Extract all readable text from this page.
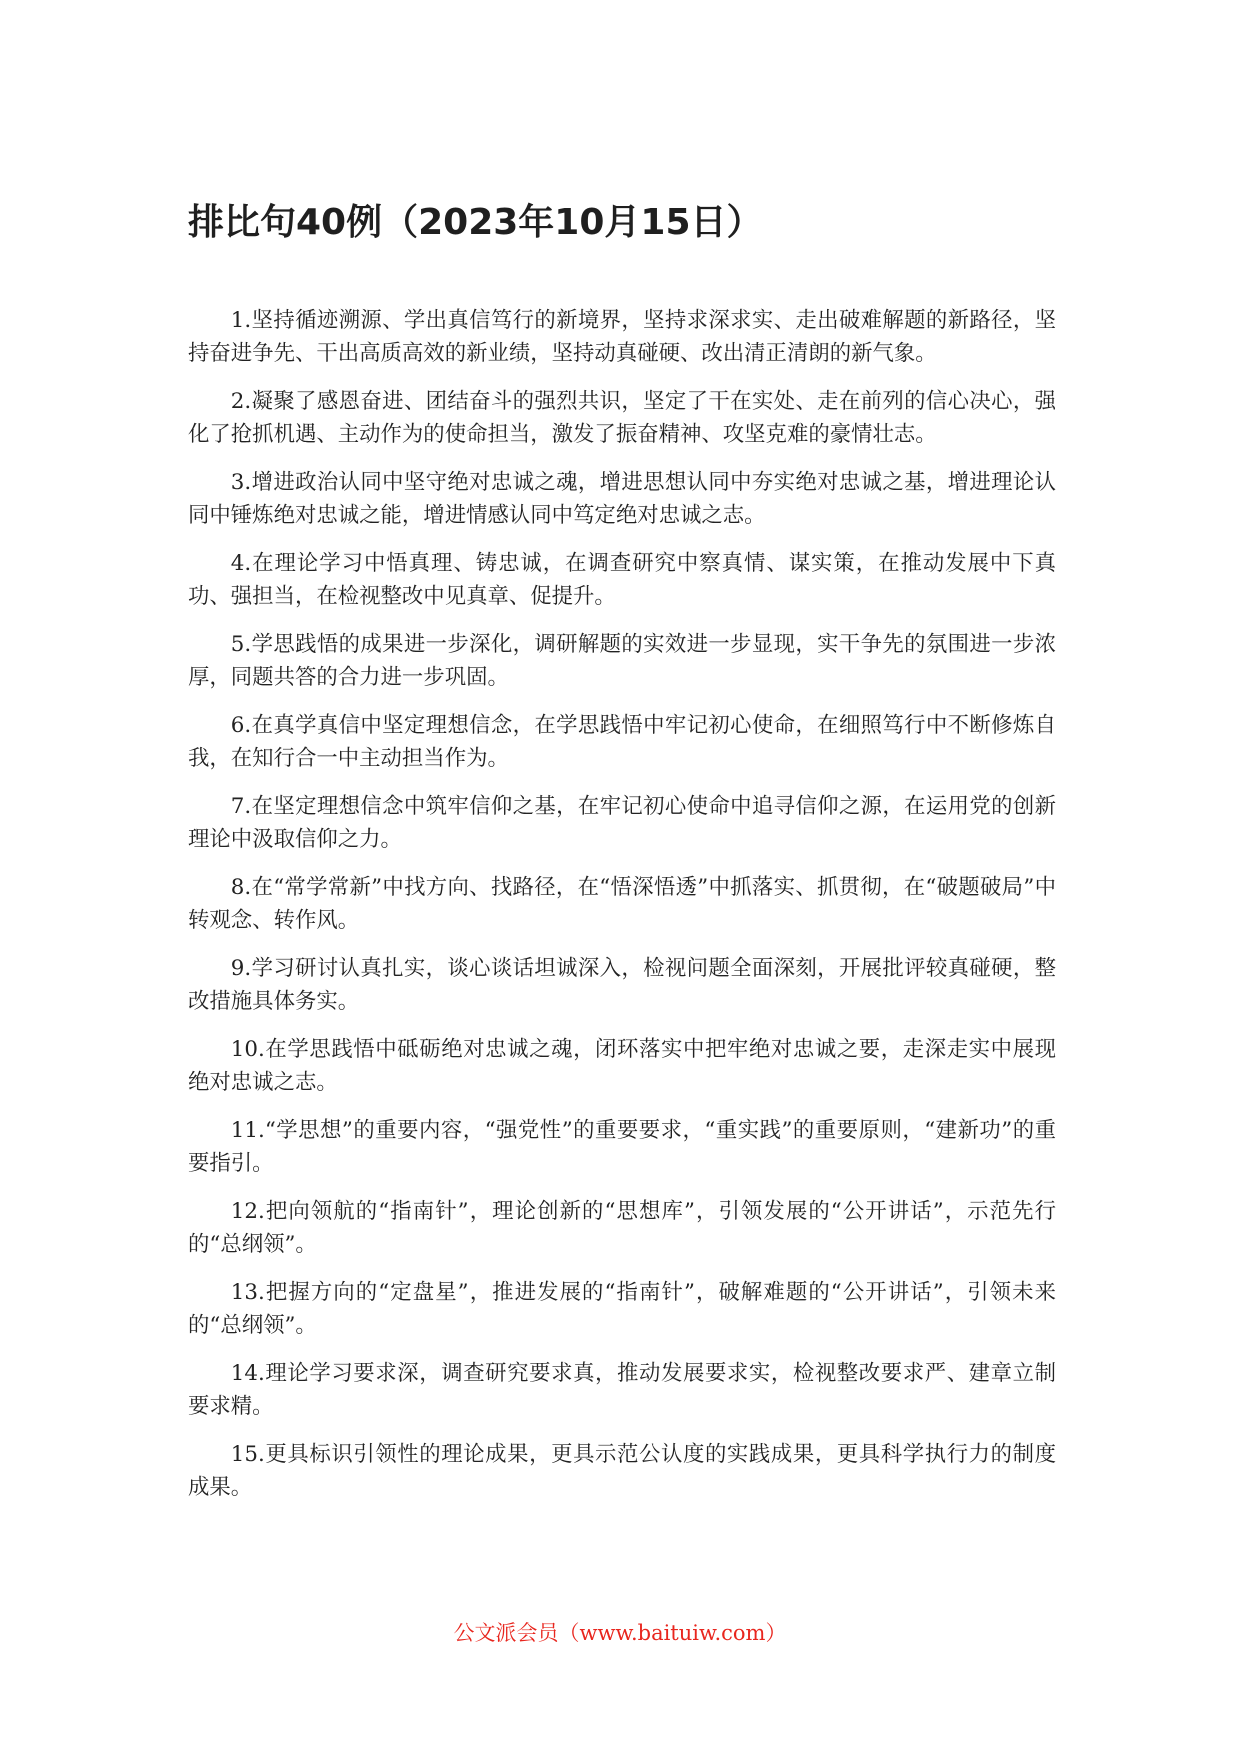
排比句40例（2023年10月15日）

1.坚持循迹溯源、学出真信笃行的新境界，坚持求深求实、走出破难解题的新路径，坚持奋进争先、干出高质高效的新业绩，坚持动真碰硬、改出清正清朗的新气象。

2.凝聚了感恩奋进、团结奋斗的强烈共识，坚定了干在实处、走在前列的信心决心，强化了抢抓机遇、主动作为的使命担当，激发了振奋精神、攻坚克难的豪情壮志。

3.增进政治认同中坚守绝对忠诚之魂，增进思想认同中夯实绝对忠诚之基，增进理论认同中锤炼绝对忠诚之能，增进情感认同中笃定绝对忠诚之志。

4.在理论学习中悟真理、铸忠诚，在调查研究中察真情、谋实策，在推动发展中下真功、强担当，在检视整改中见真章、促提升。

5.学思践悟的成果进一步深化，调研解题的实效进一步显现，实干争先的氛围进一步浓厚，同题共答的合力进一步巩固。

6.在真学真信中坚定理想信念，在学思践悟中牢记初心使命，在细照笃行中不断修炼自我，在知行合一中主动担当作为。

7.在坚定理想信念中筑牢信仰之基，在牢记初心使命中追寻信仰之源，在运用党的创新理论中汲取信仰之力。

8.在“常学常新”中找方向、找路径，在“悟深悟透”中抓落实、抓贯彻，在“破题破局”中转观念、转作风。

9.学习研讨认真扎实，谈心谈话坦诚深入，检视问题全面深刻，开展批评较真碰硬，整改措施具体务实。

10.在学思践悟中砥砺绝对忠诚之魂，闭环落实中把牢绝对忠诚之要，走深走实中展现绝对忠诚之志。

11.“学思想”的重要内容，“强党性”的重要要求，“重实践”的重要原则，“建新功”的重要指引。

12.把向领航的“指南针”，理论创新的“思想库”，引领发展的“公开讲话”，示范先行的“总纲领”。

13.把握方向的“定盘星”，推进发展的“指南针”，破解难题的“公开讲话”，引领未来的“总纲领”。

14.理论学习要求深，调查研究要求真，推动发展要求实，检视整改要求严、建章立制要求精。

15.更具标识引领性的理论成果，更具示范公认度的实践成果，更具科学执行力的制度成果。

公文派会员（www.baituiw.com）
